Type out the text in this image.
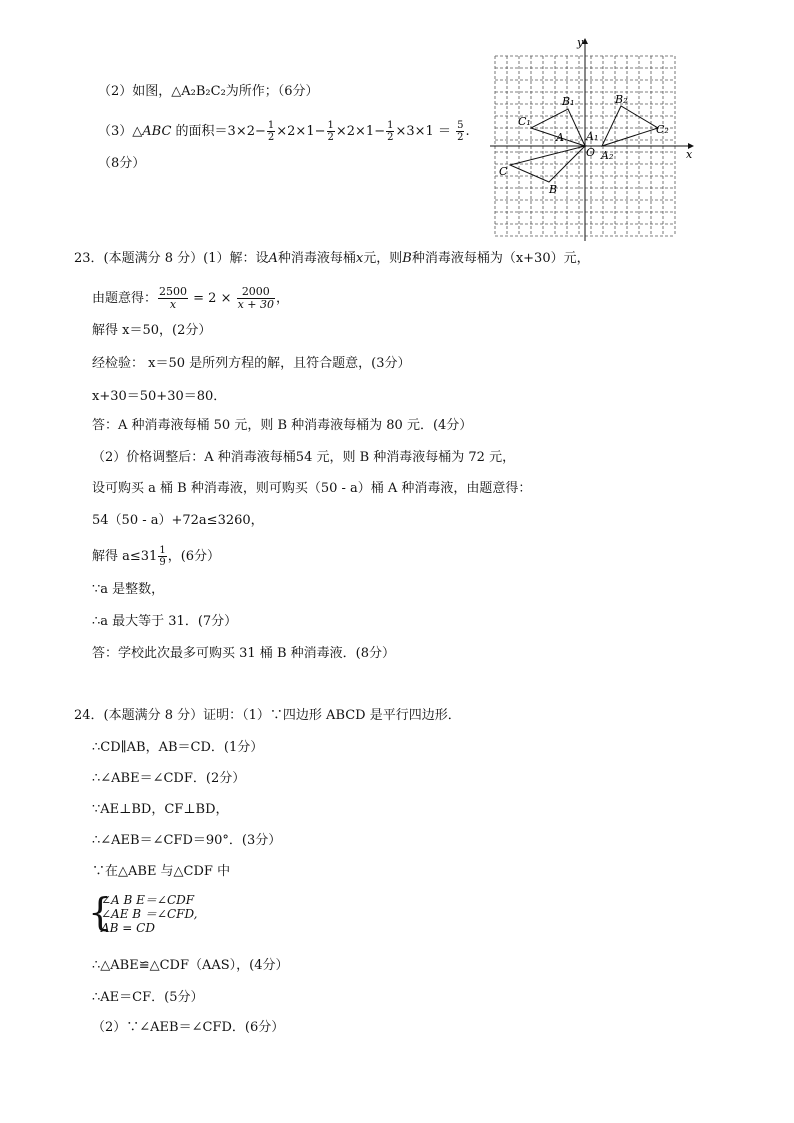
（2）如图，△A₂B₂C₂为所作；（6分）
（3）△ABC 的面积$=3\times 2- \frac{1}{2} \times 2\times 1- \frac{1}{2} \times 2\times 1- \frac{1}{2} \times 3\times 1 = \frac{5}{2}$ .
（8分）
x
y
O
A
B
C
A₁
B₁
C₁
A₂
B₂
C₂
23．(本题满分 8 分）(1）解：设A种消毒液每桶x元，则B种消毒液每桶为（x+30）元，
由题意得： $\frac{2500}{x} = 2 \times \frac{2000}{x + 30}$ ，
解得 x＝50，(2分）
经检验： x＝50 是所列方程的解，且符合题意，(3分）
x+30＝50+30＝80．
答：A 种消毒液每桶 50 元，则 B 种消毒液每桶为 80 元．(4分）
（2）价格调整后：A 种消毒液每桶54 元，则 B 种消毒液每桶为 72 元，
设可购买 a 桶 B 种消毒液，则可购买（50 - a）桶 A 种消毒液，由题意得：
54（50 - a）+72a≤3260，
解得 $a\le 31 \frac{1}{9}$ ，(6分）
∵a 是整数，
∴a 最大等于 31．(7分）
答：学校此次最多可购买 31 桶 B 种消毒液．(8分）
24．(本题满分 8 分）证明：（1）∵四边形 ABCD 是平行四边形．
∴CD∥AB，AB＝CD．(1分）
∴∠ABE＝∠CDF．(2分）
∵AE⊥BD，CF⊥BD，
∴∠AEB＝∠CFD＝90°．(3分）
∵在△ABE 与△CDF 中
{
∠A B E＝∠CDF
∠AE B ＝∠CFD,
AB = CD
∴△ABE≌△CDF（AAS），(4分）
∴AE＝CF．(5分）
（2）∵∠AEB＝∠CFD．(6分）
